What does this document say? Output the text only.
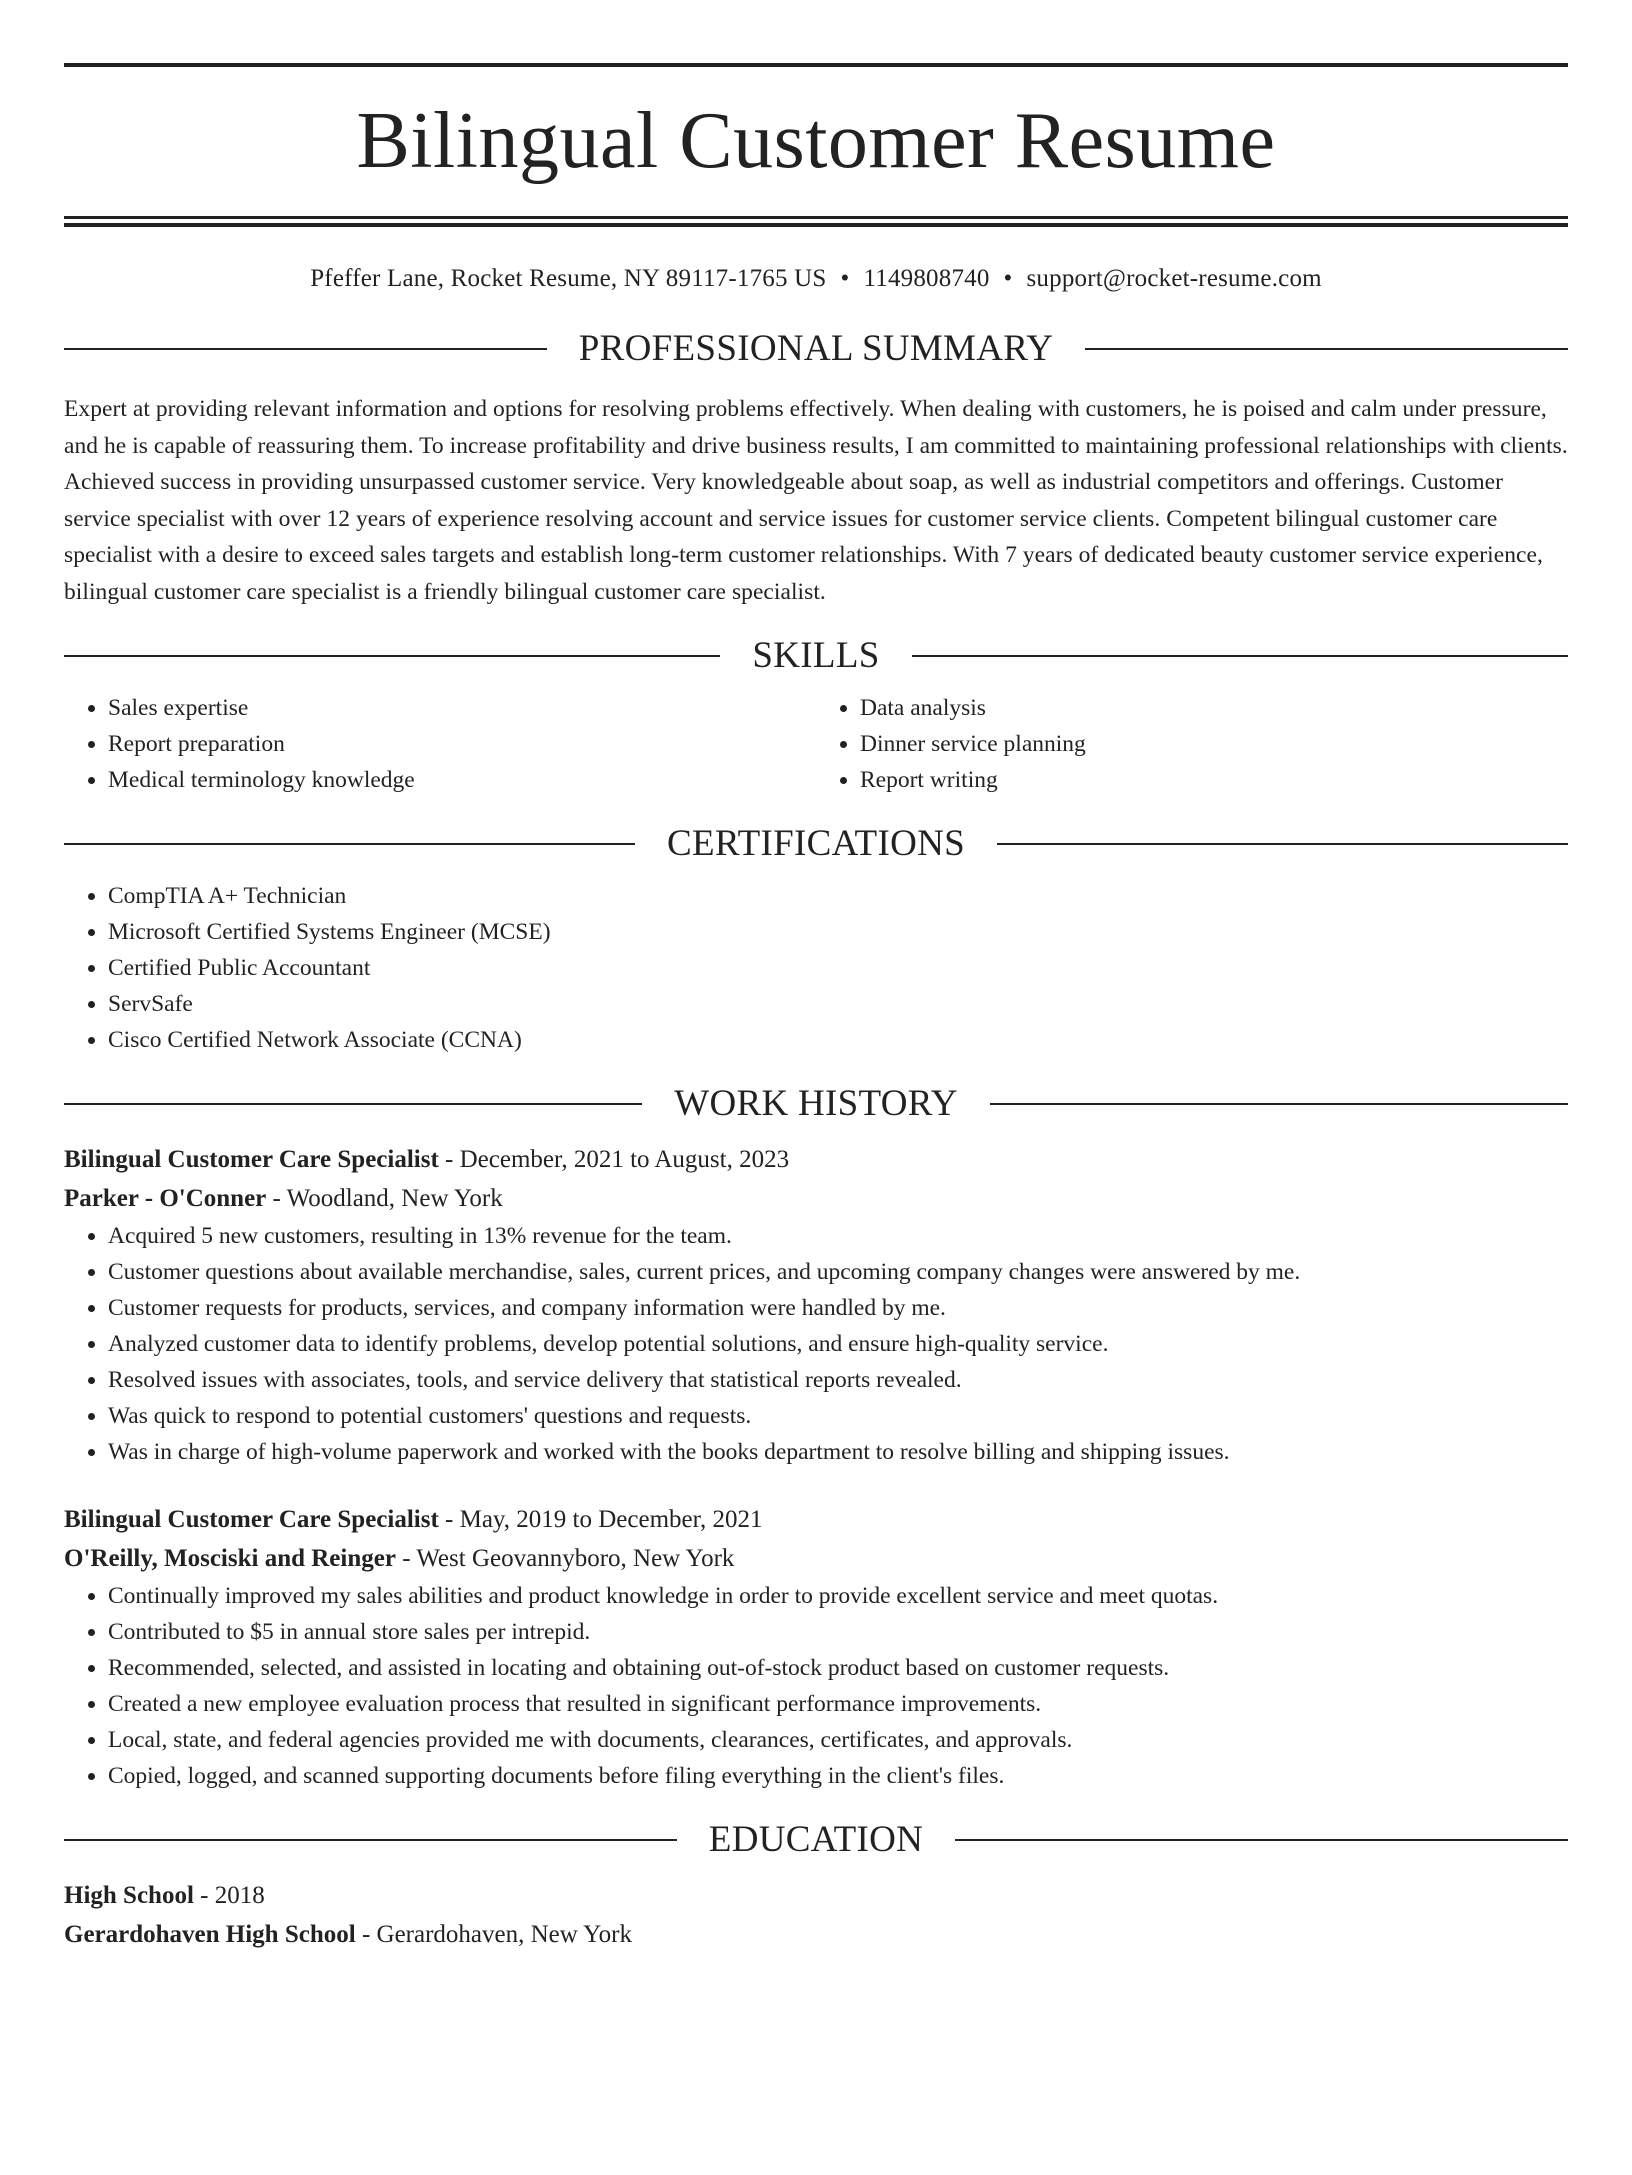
Bilingual Customer Resume
Pfeffer Lane, Rocket Resume, NY 89117-1765 US • 1149808740 • support@rocket-resume.com
PROFESSIONAL SUMMARY

Expert at providing relevant information and options for resolving problems effectively. When dealing with customers, he is poised and calm under pressure, and he is capable of reassuring them. To increase profitability and drive business results, I am committed to maintaining professional relationships with clients. Achieved success in providing unsurpassed customer service. Very knowledgeable about soap, as well as industrial competitors and offerings. Customer service specialist with over 12 years of experience resolving account and service issues for customer service clients. Competent bilingual customer care specialist with a desire to exceed sales targets and establish long-term customer relationships. With 7 years of dedicated beauty customer service experience, bilingual customer care specialist is a friendly bilingual customer care specialist.

SKILLS
• Sales expertise
• Report preparation
• Medical terminology knowledge
• Data analysis
• Dinner service planning
• Report writing
CERTIFICATIONS
• CompTIA A+ Technician
• Microsoft Certified Systems Engineer (MCSE)
• Certified Public Accountant
• ServSafe
• Cisco Certified Network Associate (CCNA)
WORK HISTORY
Bilingual Customer Care Specialist - December, 2021 to August, 2023
Parker - O'Conner - Woodland, New York
• Acquired 5 new customers, resulting in 13% revenue for the team.
• Customer questions about available merchandise, sales, current prices, and upcoming company changes were answered by me.
• Customer requests for products, services, and company information were handled by me.
• Analyzed customer data to identify problems, develop potential solutions, and ensure high-quality service.
• Resolved issues with associates, tools, and service delivery that statistical reports revealed.
• Was quick to respond to potential customers' questions and requests.
• Was in charge of high-volume paperwork and worked with the books department to resolve billing and shipping issues.
Bilingual Customer Care Specialist - May, 2019 to December, 2021
O'Reilly, Mosciski and Reinger - West Geovannyboro, New York
• Continually improved my sales abilities and product knowledge in order to provide excellent service and meet quotas.
• Contributed to $5 in annual store sales per intrepid.
• Recommended, selected, and assisted in locating and obtaining out-of-stock product based on customer requests.
• Created a new employee evaluation process that resulted in significant performance improvements.
• Local, state, and federal agencies provided me with documents, clearances, certificates, and approvals.
• Copied, logged, and scanned supporting documents before filing everything in the client's files.
EDUCATION
High School - 2018
Gerardohaven High School - Gerardohaven, New York
